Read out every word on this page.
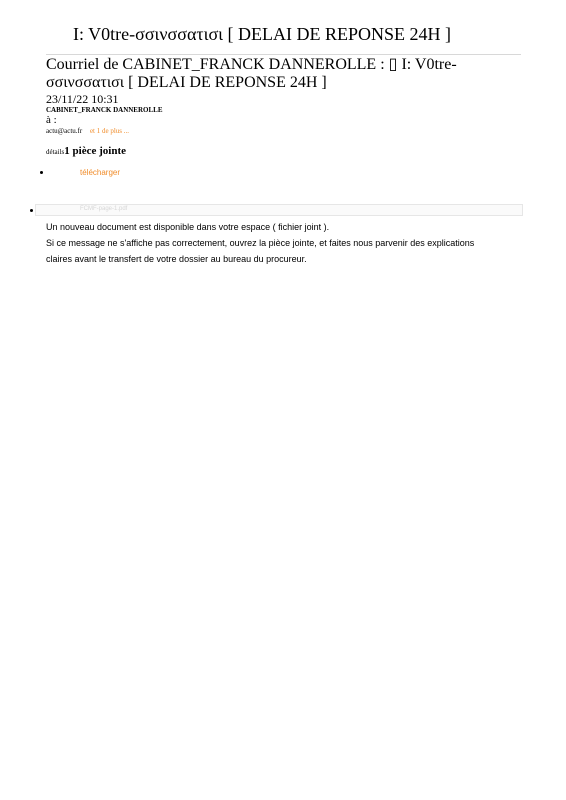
I: V0tre-σσινσσατισι [ DELAI DE REPONSE 24H ]
Courriel de CABINET_FRANCK DANNEROLLE : ▯ I: V0tre-σσινσσατισι [ DELAI DE REPONSE 24H ]
23/11/22 10:31
CABINET_FRANCK DANNEROLLE
à :
actu@actu.fr et 1 de plus ...
détails1 pièce jointe
télécharger
FCMF-page-1.pdf
Un nouveau document est disponible dans votre espace ( fichier joint ).
Si ce message ne s'affiche pas correctement, ouvrez la pièce jointe, et faites nous parvenir des explications
claires avant le transfert de votre dossier au bureau du procureur.
